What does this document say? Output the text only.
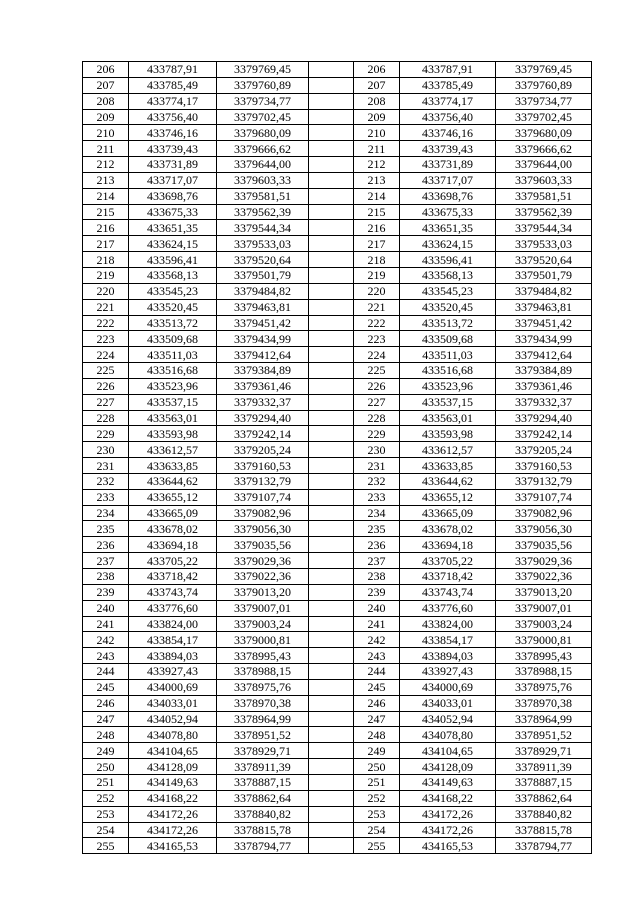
206	433787,91	3379769,45		206	433787,91	3379769,45
207	433785,49	3379760,89		207	433785,49	3379760,89
208	433774,17	3379734,77		208	433774,17	3379734,77
209	433756,40	3379702,45		209	433756,40	3379702,45
210	433746,16	3379680,09		210	433746,16	3379680,09
211	433739,43	3379666,62		211	433739,43	3379666,62
212	433731,89	3379644,00		212	433731,89	3379644,00
213	433717,07	3379603,33		213	433717,07	3379603,33
214	433698,76	3379581,51		214	433698,76	3379581,51
215	433675,33	3379562,39		215	433675,33	3379562,39
216	433651,35	3379544,34		216	433651,35	3379544,34
217	433624,15	3379533,03		217	433624,15	3379533,03
218	433596,41	3379520,64		218	433596,41	3379520,64
219	433568,13	3379501,79		219	433568,13	3379501,79
220	433545,23	3379484,82		220	433545,23	3379484,82
221	433520,45	3379463,81		221	433520,45	3379463,81
222	433513,72	3379451,42		222	433513,72	3379451,42
223	433509,68	3379434,99		223	433509,68	3379434,99
224	433511,03	3379412,64		224	433511,03	3379412,64
225	433516,68	3379384,89		225	433516,68	3379384,89
226	433523,96	3379361,46		226	433523,96	3379361,46
227	433537,15	3379332,37		227	433537,15	3379332,37
228	433563,01	3379294,40		228	433563,01	3379294,40
229	433593,98	3379242,14		229	433593,98	3379242,14
230	433612,57	3379205,24		230	433612,57	3379205,24
231	433633,85	3379160,53		231	433633,85	3379160,53
232	433644,62	3379132,79		232	433644,62	3379132,79
233	433655,12	3379107,74		233	433655,12	3379107,74
234	433665,09	3379082,96		234	433665,09	3379082,96
235	433678,02	3379056,30		235	433678,02	3379056,30
236	433694,18	3379035,56		236	433694,18	3379035,56
237	433705,22	3379029,36		237	433705,22	3379029,36
238	433718,42	3379022,36		238	433718,42	3379022,36
239	433743,74	3379013,20		239	433743,74	3379013,20
240	433776,60	3379007,01		240	433776,60	3379007,01
241	433824,00	3379003,24		241	433824,00	3379003,24
242	433854,17	3379000,81		242	433854,17	3379000,81
243	433894,03	3378995,43		243	433894,03	3378995,43
244	433927,43	3378988,15		244	433927,43	3378988,15
245	434000,69	3378975,76		245	434000,69	3378975,76
246	434033,01	3378970,38		246	434033,01	3378970,38
247	434052,94	3378964,99		247	434052,94	3378964,99
248	434078,80	3378951,52		248	434078,80	3378951,52
249	434104,65	3378929,71		249	434104,65	3378929,71
250	434128,09	3378911,39		250	434128,09	3378911,39
251	434149,63	3378887,15		251	434149,63	3378887,15
252	434168,22	3378862,64		252	434168,22	3378862,64
253	434172,26	3378840,82		253	434172,26	3378840,82
254	434172,26	3378815,78		254	434172,26	3378815,78
255	434165,53	3378794,77		255	434165,53	3378794,77
